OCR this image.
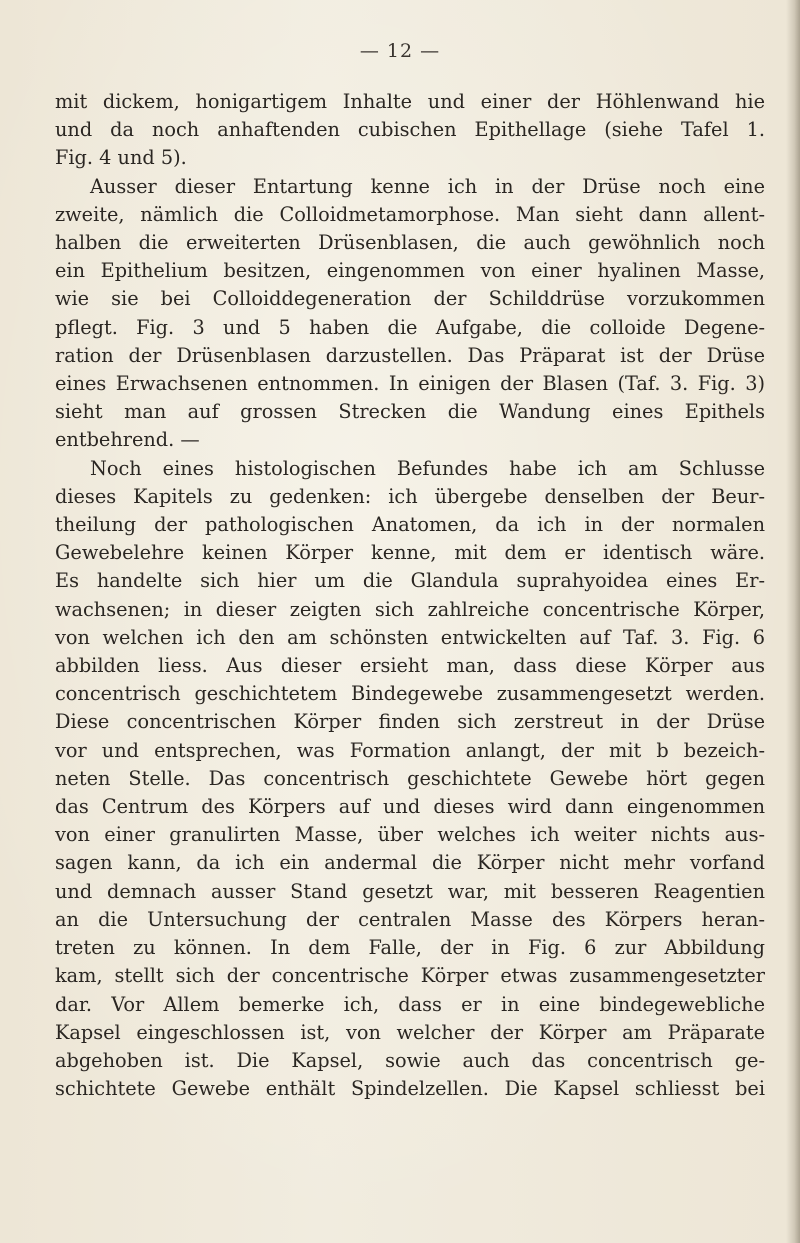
— 12 —
mit dickem, honigartigem Inhalte und einer der Höhlenwand hie
und da noch anhaftenden cubischen Epithellage (siehe Tafel 1.
Fig. 4 und 5).
Ausser dieser Entartung kenne ich in der Drüse noch eine
zweite, nämlich die Colloidmetamorphose. Man sieht dann allent-
halben die erweiterten Drüsenblasen, die auch gewöhnlich noch
ein Epithelium besitzen, eingenommen von einer hyalinen Masse,
wie sie bei Colloiddegeneration der Schilddrüse vorzukommen
pflegt. Fig. 3 und 5 haben die Aufgabe, die colloide Degene-
ration der Drüsenblasen darzustellen. Das Präparat ist der Drüse
eines Erwachsenen entnommen. In einigen der Blasen (Taf. 3. Fig. 3)
sieht man auf grossen Strecken die Wandung eines Epithels
entbehrend. —
Noch eines histologischen Befundes habe ich am Schlusse
dieses Kapitels zu gedenken: ich übergebe denselben der Beur-
theilung der pathologischen Anatomen, da ich in der normalen
Gewebelehre keinen Körper kenne, mit dem er identisch wäre.
Es handelte sich hier um die Glandula suprahyoidea eines Er-
wachsenen; in dieser zeigten sich zahlreiche concentrische Körper,
von welchen ich den am schönsten entwickelten auf Taf. 3. Fig. 6
abbilden liess. Aus dieser ersieht man, dass diese Körper aus
concentrisch geschichtetem Bindegewebe zusammengesetzt werden.
Diese concentrischen Körper finden sich zerstreut in der Drüse
vor und entsprechen, was Formation anlangt, der mit b bezeich-
neten Stelle. Das concentrisch geschichtete Gewebe hört gegen
das Centrum des Körpers auf und dieses wird dann eingenommen
von einer granulirten Masse, über welches ich weiter nichts aus-
sagen kann, da ich ein andermal die Körper nicht mehr vorfand
und demnach ausser Stand gesetzt war, mit besseren Reagentien
an die Untersuchung der centralen Masse des Körpers heran-
treten zu können. In dem Falle, der in Fig. 6 zur Abbildung
kam, stellt sich der concentrische Körper etwas zusammengesetzter
dar. Vor Allem bemerke ich, dass er in eine bindegewebliche
Kapsel eingeschlossen ist, von welcher der Körper am Präparate
abgehoben ist. Die Kapsel, sowie auch das concentrisch ge-
schichtete Gewebe enthält Spindelzellen. Die Kapsel schliesst bei
